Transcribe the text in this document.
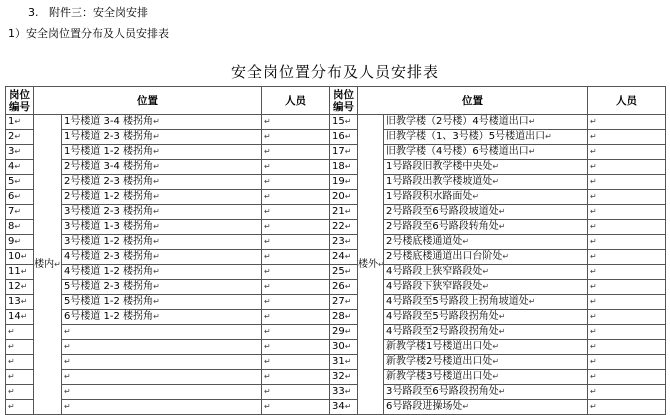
3.   附件三：安全岗安排
1）安全岗位置分布及人员安排表
安全岗位置分布及人员安排表
岗位编号	位置		人员	岗位编号	位置		人员
1↵	楼内↵	1号楼道 3-4 楼拐角↵	↵	15↵	楼外↵	旧教学楼（2号楼）4号楼道出口↵	↵
2↵		1号楼道 2-3 楼拐角↵	↵	16↵		旧教学楼（1、3号楼）5号楼道出口↵	↵
3↵		1号楼道 1-2 楼拐角↵	↵	17↵		旧教学楼（4号楼）6号楼道出口↵	↵
4↵		2号楼道 3-4 楼拐角↵	↵	18↵		1号路段旧教学楼中央处↵	↵
5↵		2号楼道 2-3 楼拐角↵	↵	19↵		1号路段出教学楼坡道处↵	↵
6↵		2号楼道 1-2 楼拐角↵	↵	20↵		1号路段积水路面处↵	↵
7↵		3号楼道 2-3 楼拐角↵	↵	21↵		2号路段至6号路段坡道处↵	↵
8↵		3号楼道 1-3 楼拐角↵	↵	22↵		2号路段至6号路段转角处↵	↵
9↵		3号楼道 1-2 楼拐角↵	↵	23↵		2号楼底楼通道处↵	↵
10↵		4号楼道 2-3 楼拐角↵	↵	24↵		2号楼底楼通道出口台阶处↵	↵
11↵		4号楼道 1-2 楼拐角↵	↵	25↵		4号路段上狭窄路段处↵	↵
12↵		5号楼道 2-3 楼拐角↵	↵	26↵		4号路段下狭窄路段处↵	↵
13↵		5号楼道 1-2 楼拐角↵	↵	27↵		4号路段至5号路段上拐角坡道处↵	↵
14↵		6号楼道 1-2 楼拐角↵	↵	28↵		4号路段至5号路段拐角处↵	↵
↵		↵	↵	29↵		4号路段至2号路段拐角处↵	↵
↵		↵	↵	30↵		新教学楼1号楼道出口处↵	↵
↵		↵	↵	31↵		新教学楼2号楼道出口处↵	↵
↵		↵	↵	32↵		新教学楼3号楼道出口处↵	↵
↵		↵	↵	33↵		3号路段至6号路段拐角处↵	↵
↵		↵	↵	34↵		6号路段进操场处↵	↵
